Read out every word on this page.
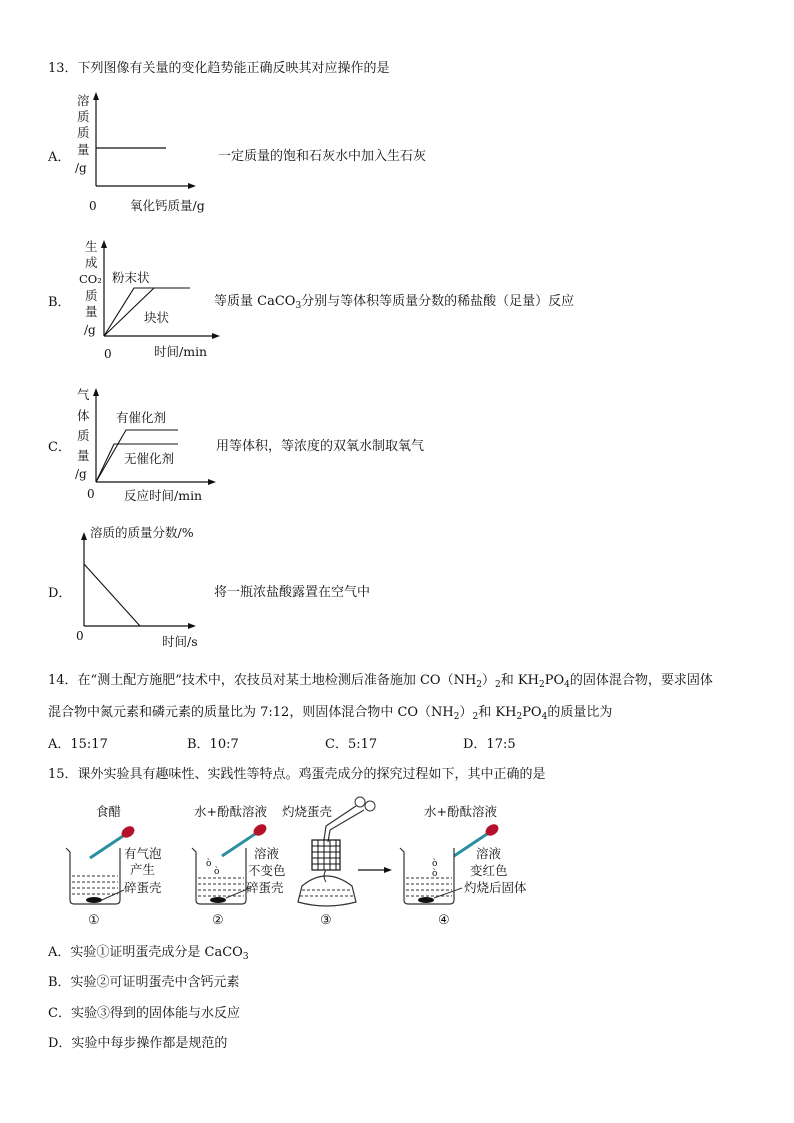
13．下列图像有关量的变化趋势能正确反映其对应操作的是
A．
溶
质
质
量
/g
0	氧化钙质量/g
一定质量的饱和石灰水中加入生石灰
B．
生
成
CO₂
质
量
/g
粉末状
块状
0	时间/min
等质量 CaCO$_3$分别与等体积等质量分数的稀盐酸（足量）反应
C．
气
体
质
量
/g
有催化剂
无催化剂
0 反应时间/min
用等体积，等浓度的双氧水制取氧气
D．
溶质的质量分数/%
0	时间/s
将一瓶浓盐酸露置在空气中
14．在“测土配方施肥”技术中，农技员对某土地检测后准备施加 $CO(NH_2)_2$和 $KH_2PO_4$的固体混合物，要求固体
混合物中氮元素和磷元素的质量比为 7:12，则固体混合物中 $CO(NH_2)_2$和 $KH_2PO_4$的质量比为
A．15:17	B．10:7	C．5:17	D．17:5
15．课外实验具有趣味性、实践性等特点。鸡蛋壳成分的探究过程如下，其中正确的是
食醋
有气泡
产生
碎蛋壳
①
水+酚酞溶液
ò
ò
溶液
不变色
碎蛋壳
②
灼烧蛋壳
③
水+酚酞溶液
ò
ò
溶液
变红色
灼烧后固体
④
A．实验①证明蛋壳成分是 CaCO$_3$
B．实验②可证明蛋壳中含钙元素
C．实验③得到的固体能与水反应
D．实验中每步操作都是规范的
